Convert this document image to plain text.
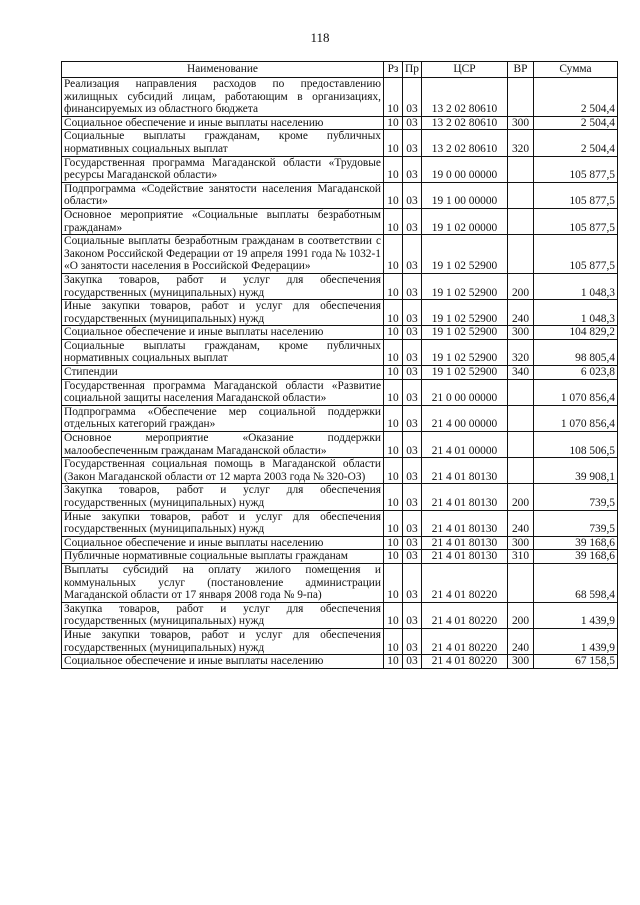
118
Наименование	Рз	Пр	ЦСР	ВР	Сумма
Реализация направления расходов по предоставлению жилищных субсидий лицам, работающим в организациях, финансируемых из областного бюджета	10	03	13 2 02 80610		2 504,4
Социальное обеспечение и иные выплаты населению	10	03	13 2 02 80610	300	2 504,4
Социальные выплаты гражданам, кроме публичных нормативных социальных выплат	10	03	13 2 02 80610	320	2 504,4
Государственная программа Магаданской области «Трудовые ресурсы Магаданской области»	10	03	19 0 00 00000		105 877,5
Подпрограмма «Содействие занятости населения Магаданской области»	10	03	19 1 00 00000		105 877,5
Основное мероприятие «Социальные выплаты безработным гражданам»	10	03	19 1 02 00000		105 877,5
Социальные выплаты безработным гражданам в соответствии с Законом Российской Федерации от 19 апреля 1991 года № 1032-1 «О занятости населения в Российской Федерации»	10	03	19 1 02 52900		105 877,5
Закупка товаров, работ и услуг для обеспечения государственных (муниципальных) нужд	10	03	19 1 02 52900	200	1 048,3
Иные закупки товаров, работ и услуг для обеспечения государственных (муниципальных) нужд	10	03	19 1 02 52900	240	1 048,3
Социальное обеспечение и иные выплаты населению	10	03	19 1 02 52900	300	104 829,2
Социальные выплаты гражданам, кроме публичных нормативных социальных выплат	10	03	19 1 02 52900	320	98 805,4
Стипендии	10	03	19 1 02 52900	340	6 023,8
Государственная программа Магаданской области «Развитие социальной защиты населения Магаданской области»	10	03	21 0 00 00000		1 070 856,4
Подпрограмма «Обеспечение мер социальной поддержки отдельных категорий граждан»	10	03	21 4 00 00000		1 070 856,4
Основное мероприятие «Оказание поддержки малообеспеченным гражданам Магаданской области»	10	03	21 4 01 00000		108 506,5
Государственная социальная помощь в Магаданской области (Закон Магаданской области от 12 марта 2003 года № 320-ОЗ)	10	03	21 4 01 80130		39 908,1
Закупка товаров, работ и услуг для обеспечения государственных (муниципальных) нужд	10	03	21 4 01 80130	200	739,5
Иные закупки товаров, работ и услуг для обеспечения государственных (муниципальных) нужд	10	03	21 4 01 80130	240	739,5
Социальное обеспечение и иные выплаты населению	10	03	21 4 01 80130	300	39 168,6
Публичные нормативные социальные выплаты гражданам	10	03	21 4 01 80130	310	39 168,6
Выплаты субсидий на оплату жилого помещения и коммунальных услуг (постановление администрации Магаданской области от 17 января 2008 года № 9-па)	10	03	21 4 01 80220		68 598,4
Закупка товаров, работ и услуг для обеспечения государственных (муниципальных) нужд	10	03	21 4 01 80220	200	1 439,9
Иные закупки товаров, работ и услуг для обеспечения государственных (муниципальных) нужд	10	03	21 4 01 80220	240	1 439,9
Социальное обеспечение и иные выплаты населению	10	03	21 4 01 80220	300	67 158,5
